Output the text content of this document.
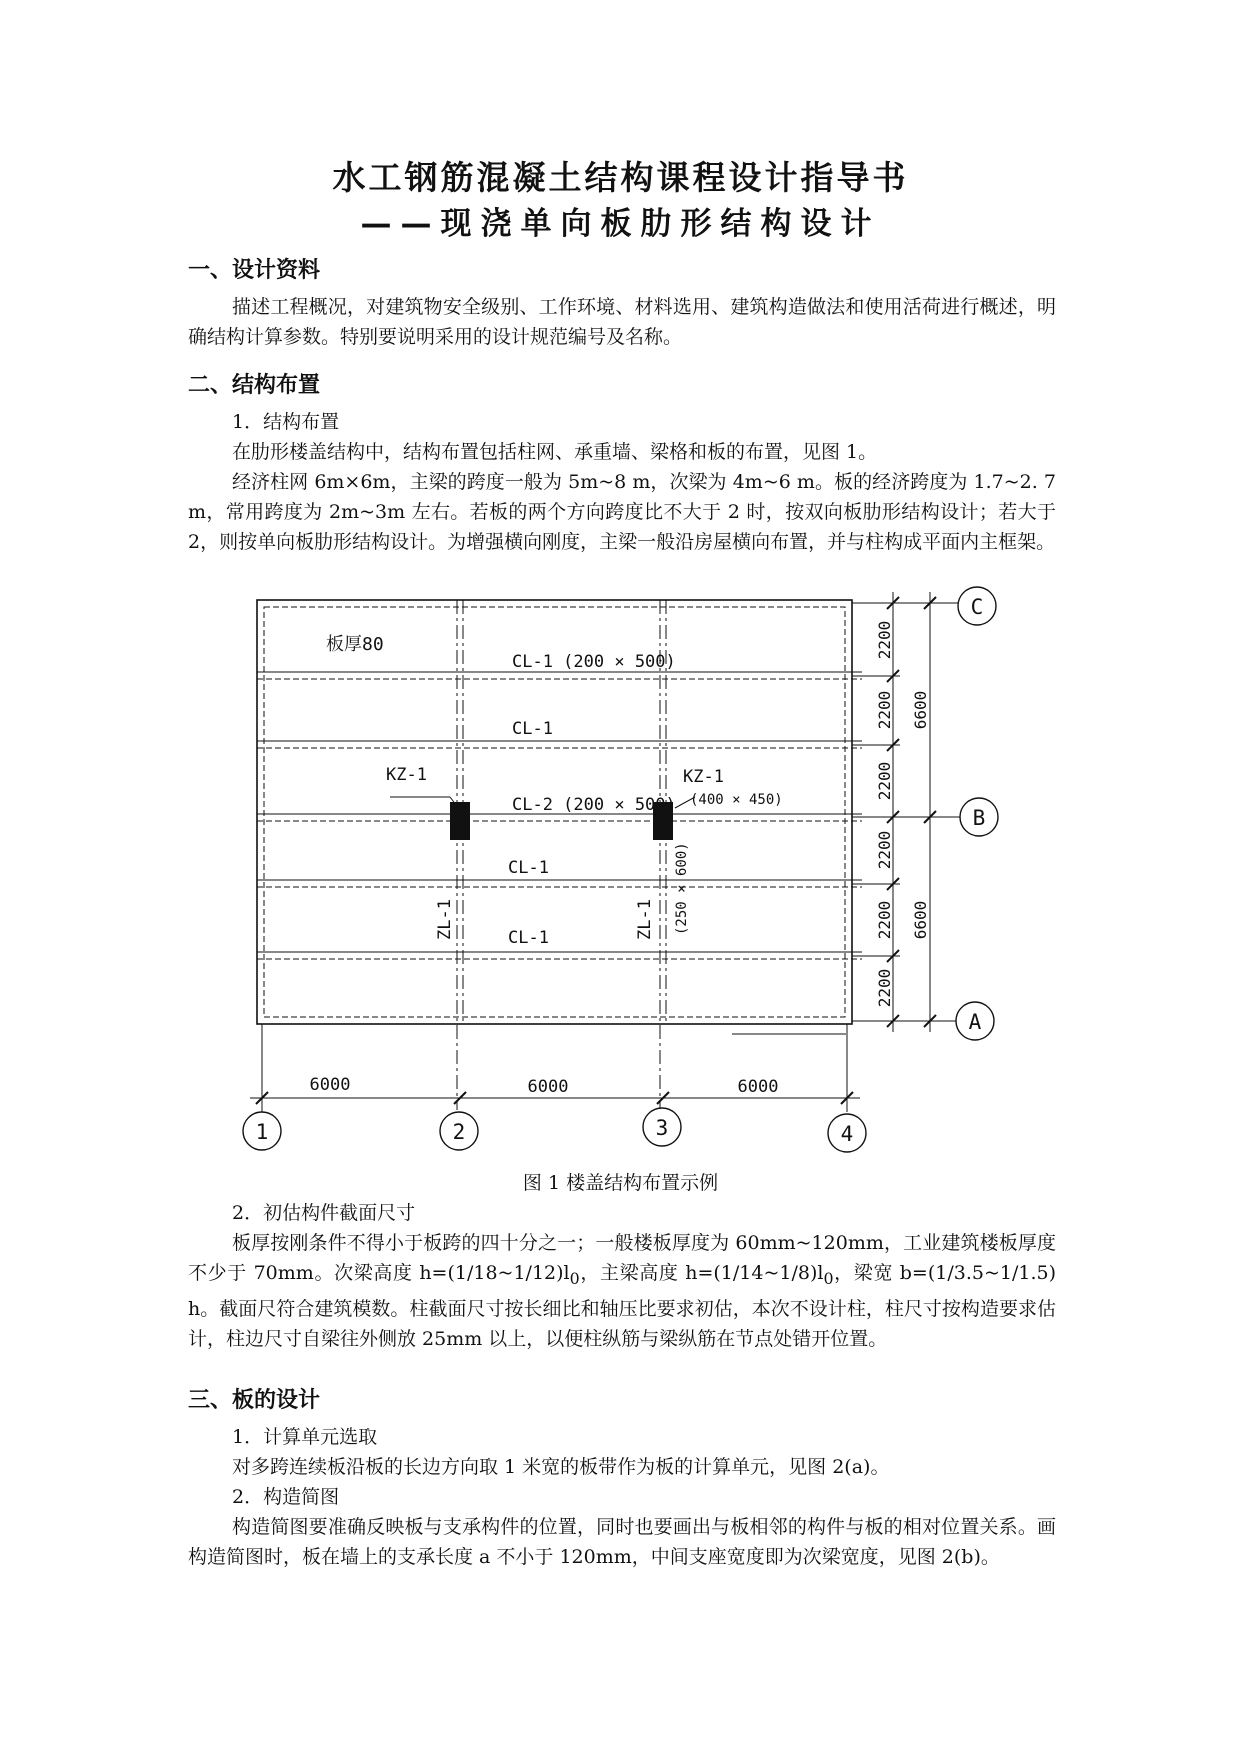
水工钢筋混凝土结构课程设计指导书
——现浇单向板肋形结构设计
一、设计资料

描述工程概况，对建筑物安全级别、工作环境、材料选用、建筑构造做法和使用活荷进行概述，明确结构计算参数。特别要说明采用的设计规范编号及名称。

二、结构布置
1．结构布置

在肋形楼盖结构中，结构布置包括柱网、承重墙、梁格和板的布置，见图 1。

经济柱网 6m×6m，主梁的跨度一般为 5m~8 m，次梁为 4m~6 m。板的经济跨度为 1.7~2. 7 m，常用跨度为 2m~3m 左右。若板的两个方向跨度比不大于 2 时，按双向板肋形结构设计；若大于 2，则按单向板肋形结构设计。为增强横向刚度，主梁一般沿房屋横向布置，并与柱构成平面内主框架。

1	2	3	4
C
B
A
6000	6000	6000
2200
2200
2200
2200
2200
2200
6600
6600
板厚80
CL-1 (200 × 500)
CL-1
CL-2 (200 × 500)
CL-1
CL-1
KZ-1	KZ-1
(400 × 450)
ZL-1	ZL-1 (250 × 600)
图 1 楼盖结构布置示例
2．初估构件截面尺寸

板厚按刚条件不得小于板跨的四十分之一；一般楼板厚度为 60mm~120mm，工业建筑楼板厚度不少于 70mm。次梁高度 $h=(1/18\sim 1/12)l_0$，主梁高度 $h=(1/14\sim 1/8)l_0$，梁宽 b=(1/3.5~1/1.5) h。截面尺符合建筑模数。柱截面尺寸按长细比和轴压比要求初估，本次不设计柱，柱尺寸按构造要求估计，柱边尺寸自梁往外侧放 25mm 以上，以便柱纵筋与梁纵筋在节点处错开位置。

三、板的设计
1．计算单元选取

对多跨连续板沿板的长边方向取 1 米宽的板带作为板的计算单元，见图 2(a)。

2．构造简图

构造简图要准确反映板与支承构件的位置，同时也要画出与板相邻的构件与板的相对位置关系。画构造简图时，板在墙上的支承长度 a 不小于 120mm，中间支座宽度即为次梁宽度，见图 2(b)。
